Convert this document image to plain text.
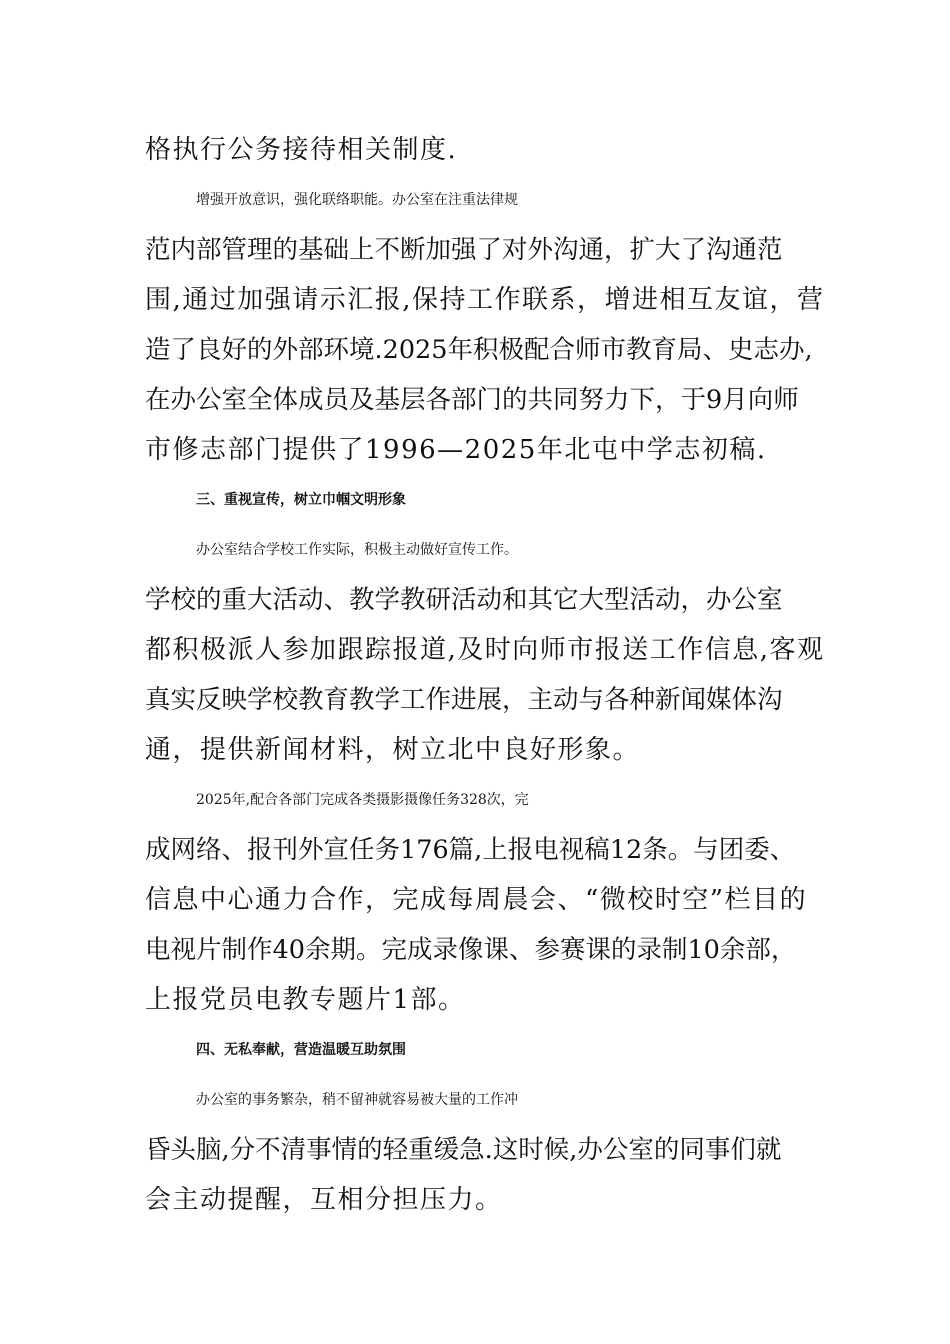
格执行公务接待相关制度.
增强开放意识，强化联络职能。办公室在注重法律规
范内部管理的基础上不断加强了对外沟通，扩大了沟通范
围,通过加强请示汇报,保持工作联系，增进相互友谊，营
造了良好的外部环境.2025年积极配合师市教育局、史志办,
在办公室全体成员及基层各部门的共同努力下，于9月向师
市修志部门提供了1996—2025年北屯中学志初稿.
三、重视宣传，树立巾帼文明形象
办公室结合学校工作实际，积极主动做好宣传工作。
学校的重大活动、教学教研活动和其它大型活动，办公室
都积极派人参加跟踪报道,及时向师市报送工作信息,客观
真实反映学校教育教学工作进展，主动与各种新闻媒体沟
通，提供新闻材料，树立北中良好形象。
2025年,配合各部门完成各类摄影摄像任务328次，完
成网络、报刊外宣任务176篇,上报电视稿12条。与团委、
信息中心通力合作，完成每周晨会、“微校时空”栏目的
电视片制作40余期。完成录像课、参赛课的录制10余部，
上报党员电教专题片1部。
四、无私奉献，营造温暖互助氛围
办公室的事务繁杂，稍不留神就容易被大量的工作冲
昏头脑,分不清事情的轻重缓急.这时候,办公室的同事们就
会主动提醒，互相分担压力。
